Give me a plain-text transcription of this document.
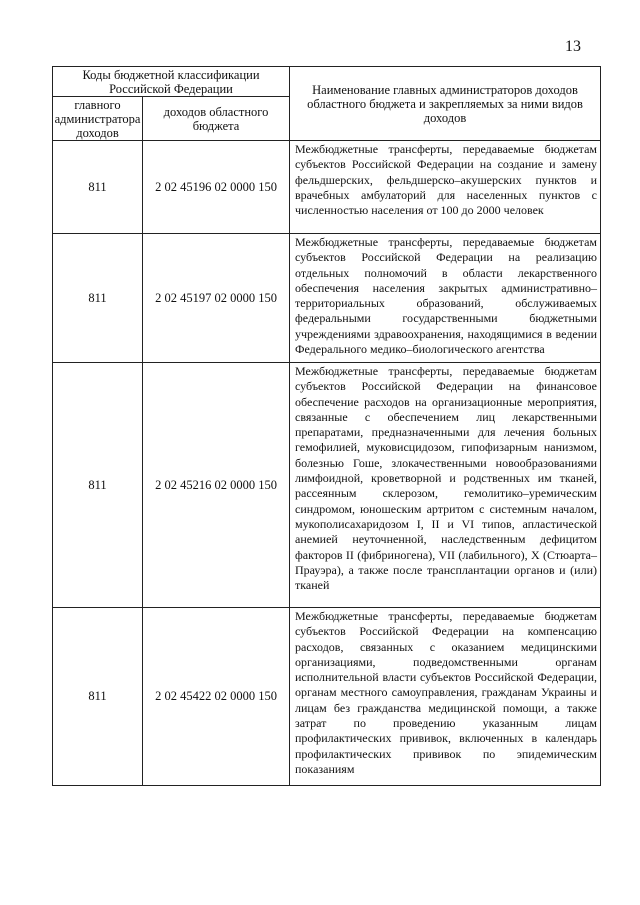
13
Коды бюджетной классификации Российской Федерации		Наименование главных администраторов доходов областного бюджета и закрепляемых за ними видов доходов
главного администратора доходов	доходов областного бюджета	
811	2 02 45196 02 0000 150	Межбюджетные трансферты, передаваемые бюджетам субъектов Российской Федерации на создание и замену фельдшерских, фельдшерско–акушерских пунктов и врачебных амбулаторий для населенных пунктов с численностью населения от 100 до 2000 человек
811	2 02 45197 02 0000 150	Межбюджетные трансферты, передаваемые бюджетам субъектов Российской Федерации на реализацию отдельных полномочий в области лекарственного обеспечения населения закрытых административно–территориальных образований, обслуживаемых федеральными государственными бюджетными учреждениями здравоохранения, находящимися в ведении Федерального медико–биологического агентства
811	2 02 45216 02 0000 150	Межбюджетные трансферты, передаваемые бюджетам субъектов Российской Федерации на финансовое обеспечение расходов на организационные мероприятия, связанные с обеспечением лиц лекарственными препаратами, предназначенными для лечения больных гемофилией, муковисцидозом, гипофизарным нанизмом, болезнью Гоше, злокачественными новообразованиями лимфоидной, кроветворной и родственных им тканей, рассеянным склерозом, гемолитико–уремическим синдромом, юношеским артритом с системным началом, мукополисахаридозом I, II и VI типов, апластической анемией неуточненной, наследственным дефицитом факторов II (фибриногена), VII (лабильного), X (Стюарта–Прауэра), а также после трансплантации органов и (или) тканей
811	2 02 45422 02 0000 150	Межбюджетные трансферты, передаваемые бюджетам субъектов Российской Федерации на компенсацию расходов, связанных с оказанием медицинскими организациями, подведомственными органам исполнительной власти субъектов Российской Федерации, органам местного самоуправления, гражданам Украины и лицам без гражданства медицинской помощи, а также затрат по проведению указанным лицам профилактических прививок, включенных в календарь профилактических прививок по эпидемическим показаниям
